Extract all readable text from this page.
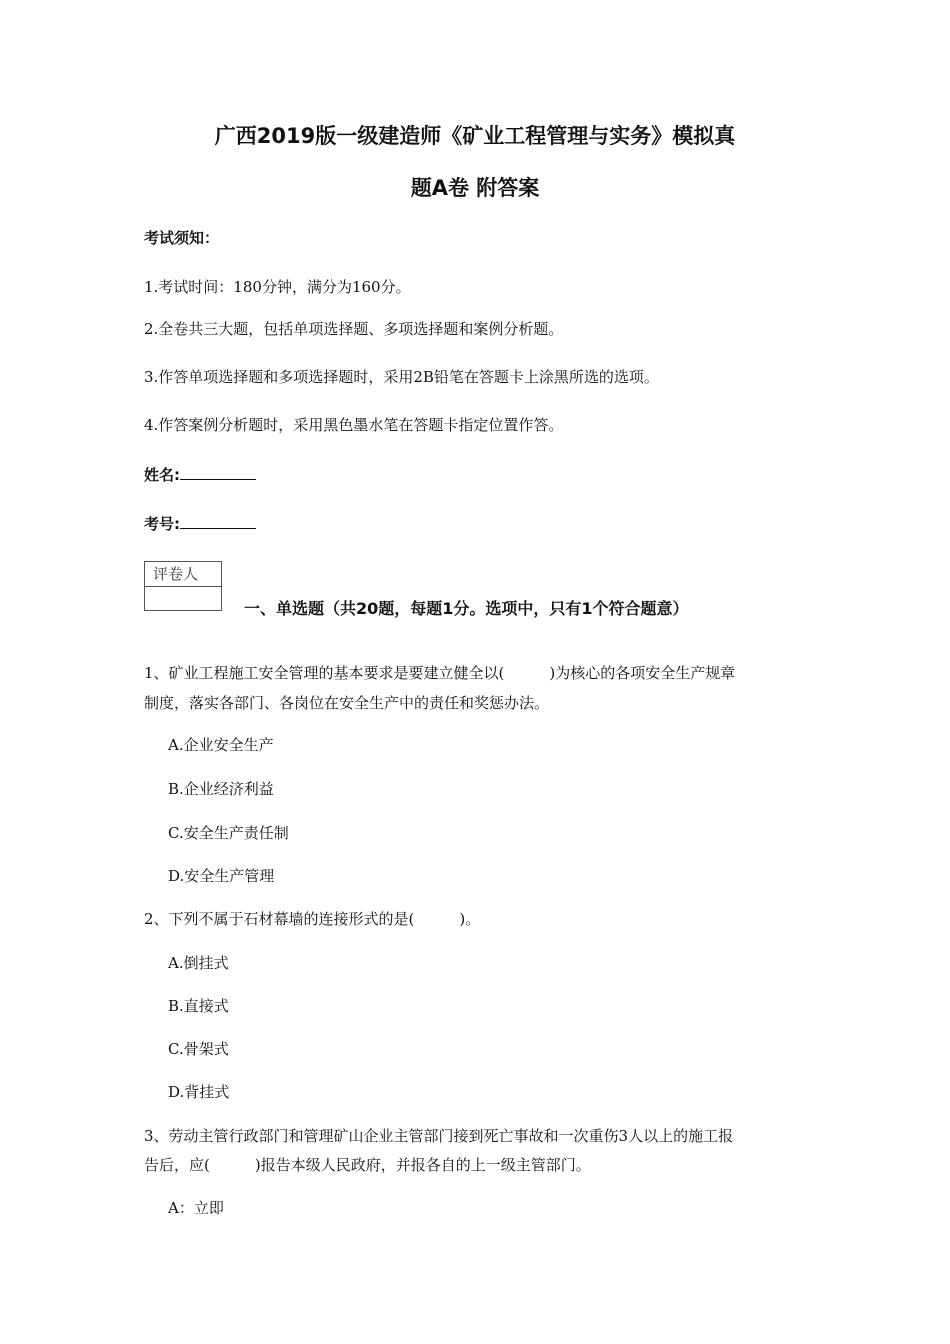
广西2019版一级建造师《矿业工程管理与实务》模拟真
题A卷 附答案
考试须知：
1.考试时间：180分钟，满分为160分。
2.全卷共三大题，包括单项选择题、多项选择题和案例分析题。
3.作答单项选择题和多项选择题时，采用2B铅笔在答题卡上涂黑所选的选项。
4.作答案例分析题时，采用黑色墨水笔在答题卡指定位置作答。
姓名:
考号:
评卷人
一、单选题（共20题，每题1分。选项中，只有1个符合题意）
1、矿业工程施工安全管理的基本要求是要建立健全以(　　　)为核心的各项安全生产规章
制度，落实各部门、各岗位在安全生产中的责任和奖惩办法。
A.企业安全生产
B.企业经济利益
C.安全生产责任制
D.安全生产管理
2、下列不属于石材幕墙的连接形式的是(　　　)。
A.倒挂式
B.直接式
C.骨架式
D.背挂式
3、劳动主管行政部门和管理矿山企业主管部门接到死亡事故和一次重伤3人以上的施工报
告后，应(　　　)报告本级人民政府，并报各自的上一级主管部门。
A：立即
